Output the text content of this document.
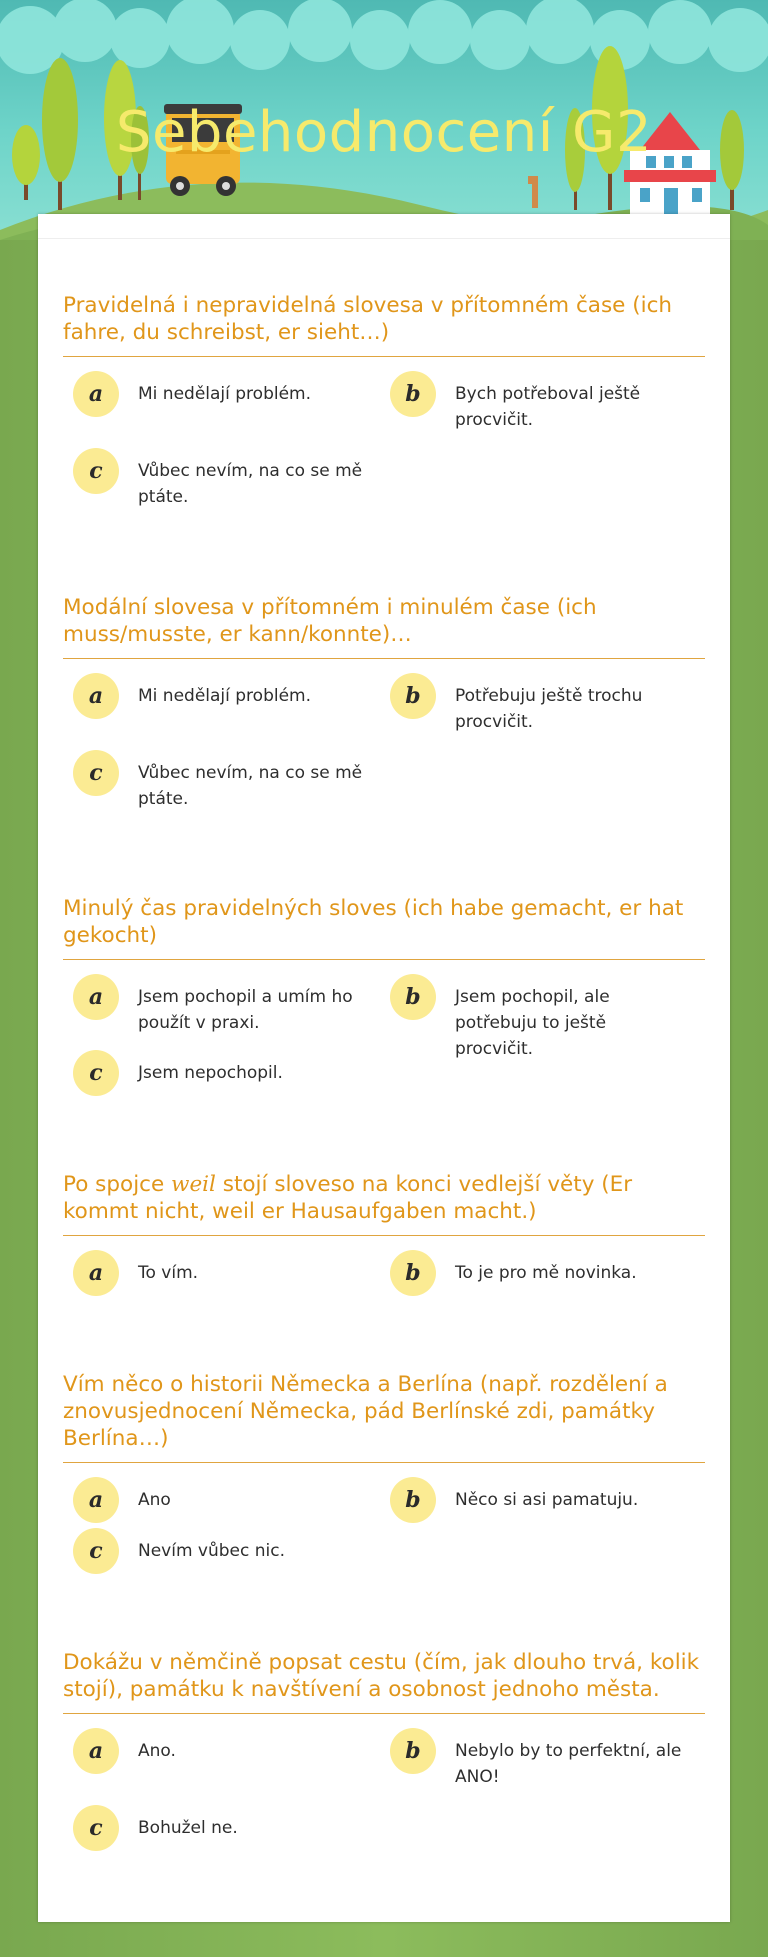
Sebehodnocení G2
Pravidelná i nepravidelná slovesa v přítomném čase (ich fahre, du schreibst, er sieht…)
a	Mi nedělají problém.	b	Bych potřeboval ještě procvičit.
c	Vůbec nevím, na co se mě ptáte.
Modální slovesa v přítomném i minulém čase (ich muss/musste, er kann/konnte)…
a	Mi nedělají problém.	b	Potřebuju ještě trochu procvičit.
c	Vůbec nevím, na co se mě ptáte.
Minulý čas pravidelných sloves (ich habe gemacht, er hat gekocht)
a	Jsem pochopil a umím ho použít v praxi.
b	Jsem pochopil, ale potřebuju to ještě procvičit.
c	Jsem nepochopil.
Po spojce weil stojí sloveso na konci vedlejší věty (Er kommt nicht, weil er Hausaufgaben macht.)
a	To vím.	b	To je pro mě novinka.
Vím něco o historii Německa a Berlína (např. rozdělení a znovusjednocení Německa, pád Berlínské zdi, památky Berlína…)
a	Ano	b	Něco si asi pamatuju.
c	Nevím vůbec nic.
Dokážu v němčině popsat cestu (čím, jak dlouho trvá, kolik stojí), památku k navštívení a osobnost jednoho města.
a	Ano.	b	Nebylo by to perfektní, ale ANO!
c	Bohužel ne.
